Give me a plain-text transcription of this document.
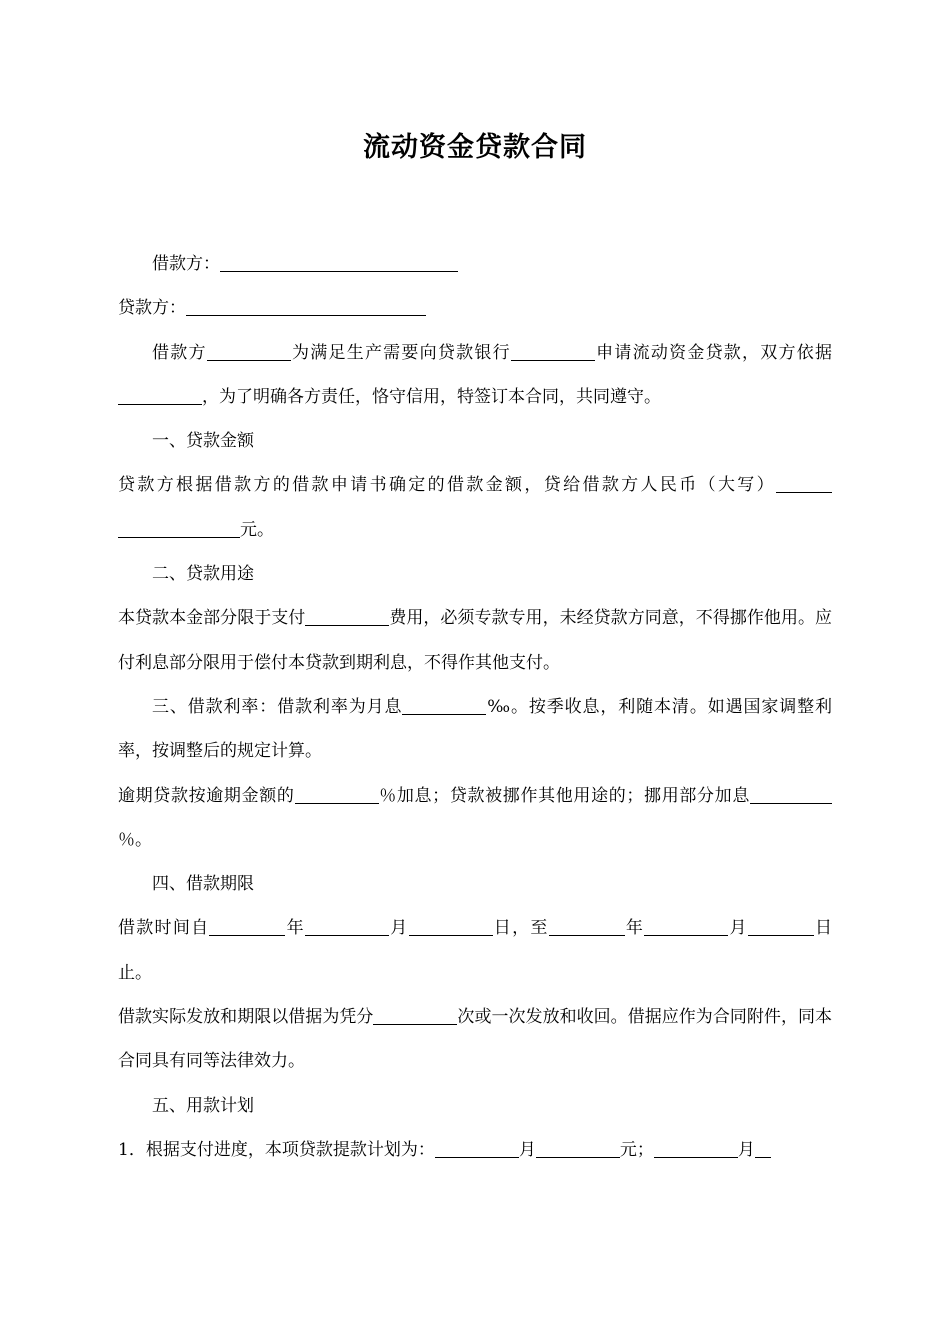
流动资金贷款合同

借款方：

贷款方：

借款方	为满足生产需要向贷款银行	申请流动资金贷款，双方依据，为了明确各方责任，恪守信用，特签订本合同，共同遵守。

一、贷款金额

贷款方根据借款方的借款申请书确定的借款金额，贷给借款方人民币（大写）元。

二、贷款用途

本贷款本金部分限于支付	费用，必须专款专用，未经贷款方同意，不得挪作他用。应付利息部分限用于偿付本贷款到期利息，不得作其他支付。

三、借款利率：借款利率为月息	‰。按季收息，利随本清。如遇国家调整利率，按调整后的规定计算。

逾期贷款按逾期金额的	％加息；贷款被挪作其他用途的；挪用部分加息％。

四、借款期限

借款时间自	年	月	日，至	年	月	日止。

借款实际发放和期限以借据为凭分	次或一次发放和收回。借据应作为合同附件，同本合同具有同等法律效力。

五、用款计划

1．根据支付进度，本项贷款提款计划为：	月	元；	月
